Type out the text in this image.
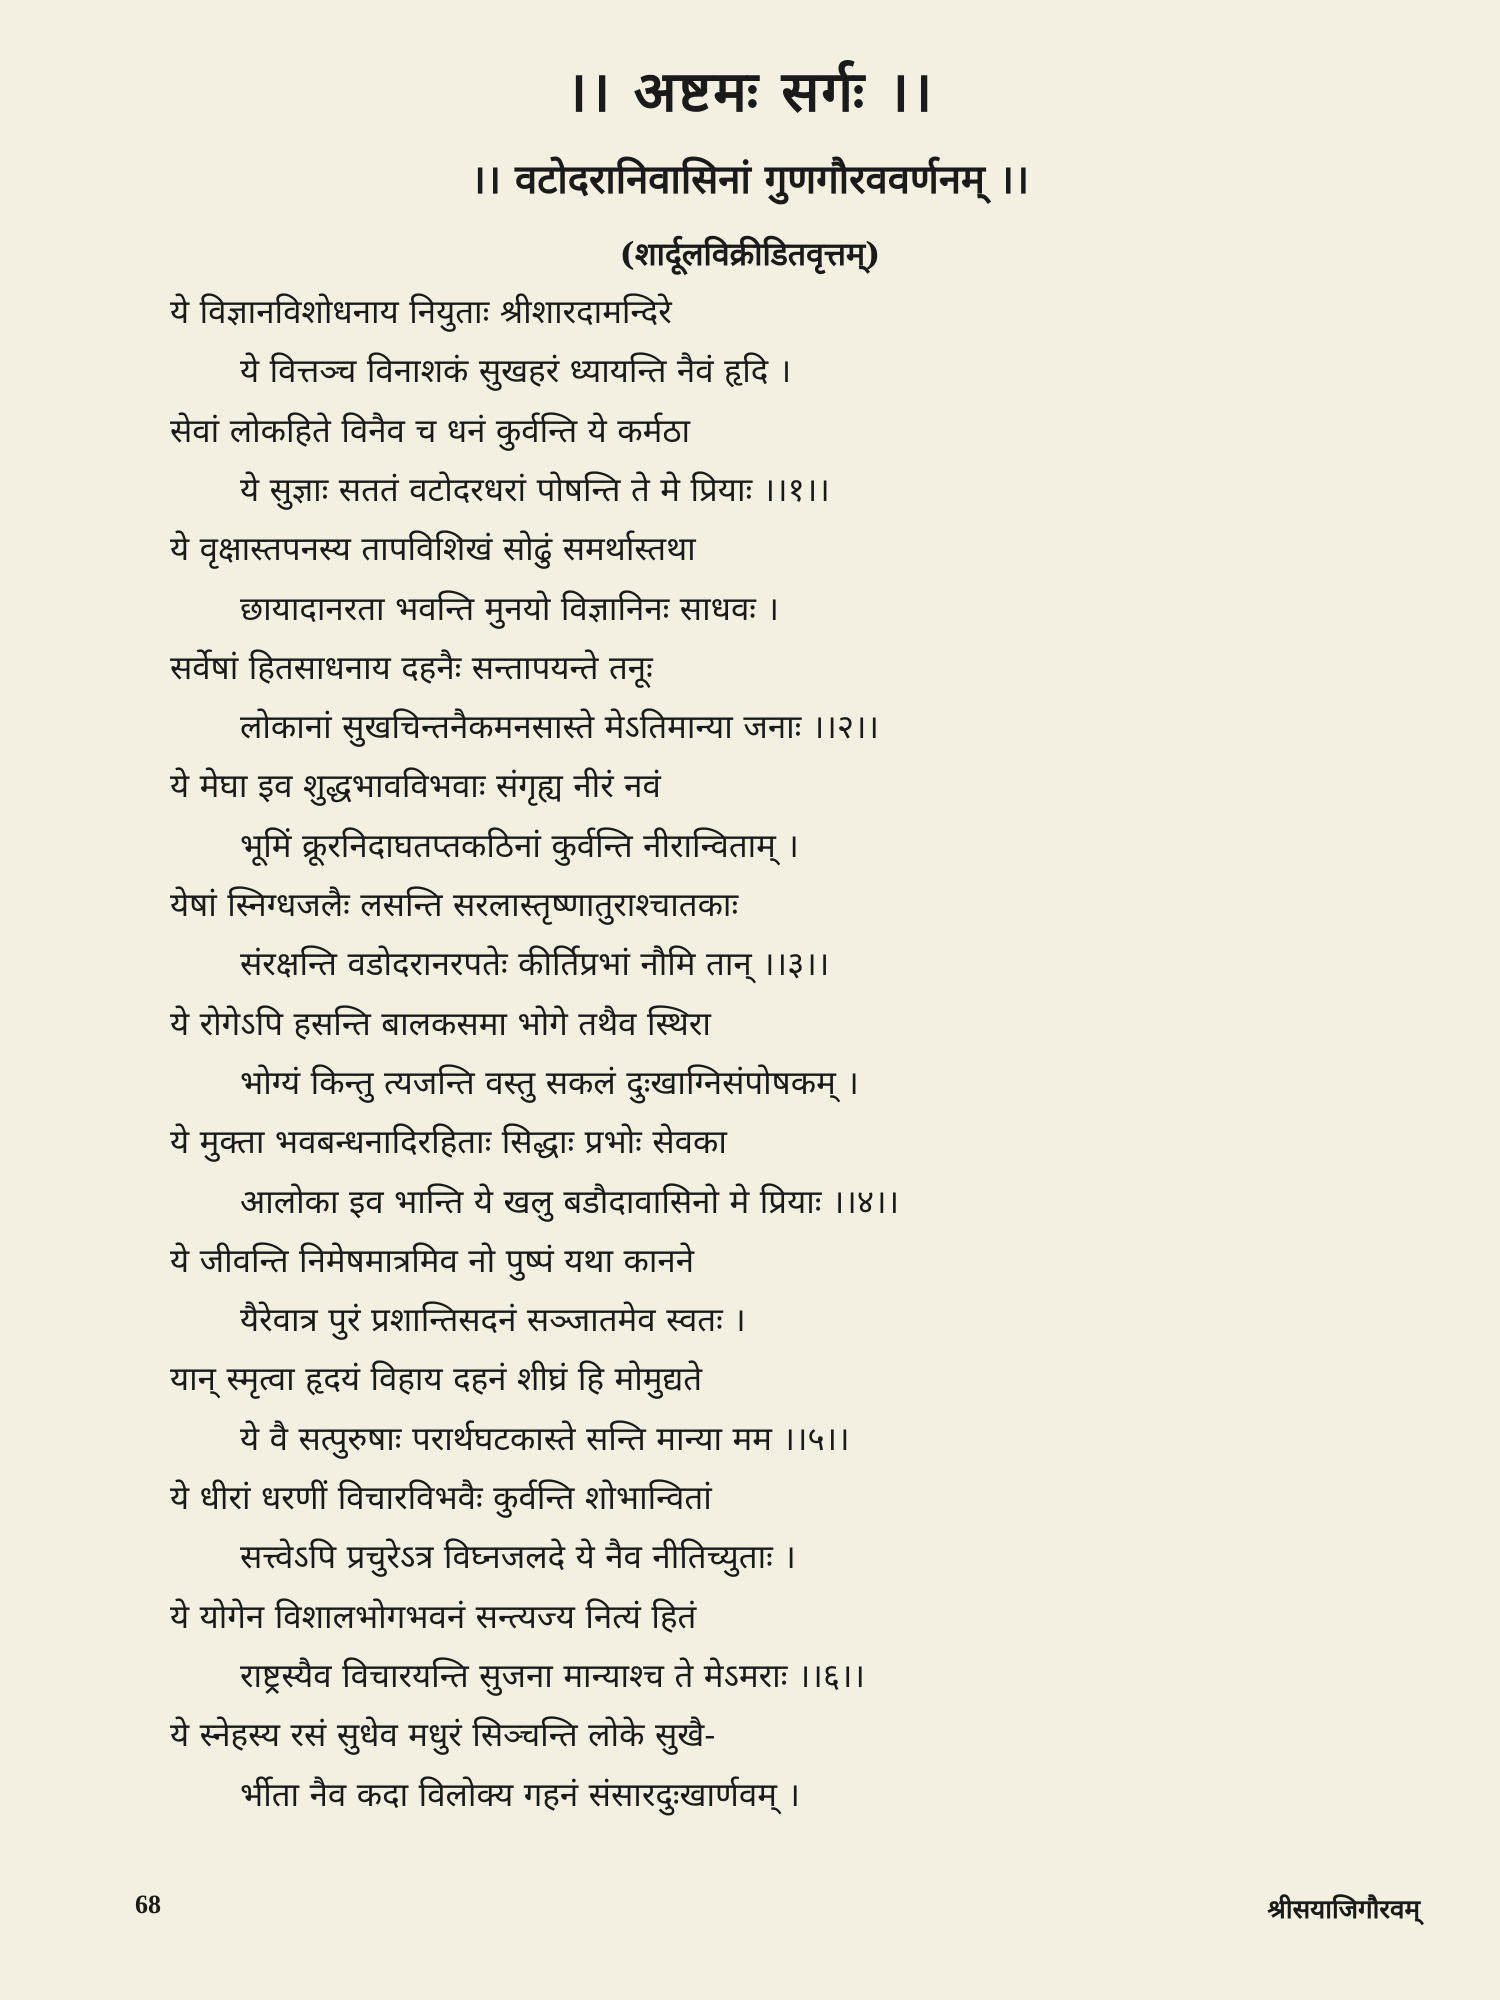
।। अष्टमः सर्गः ।।
।। वटोदरानिवासिनां गुणगौरववर्णनम् ।।
(शार्दूलविक्रीडितवृत्तम्)
ये विज्ञानविशोधनाय नियुताः श्रीशारदामन्दिरे
ये वित्तञ्च विनाशकं सुखहरं ध्यायन्ति नैवं हृदि ।
सेवां लोकहिते विनैव च धनं कुर्वन्ति ये कर्मठा
ये सुज्ञाः सततं वटोदरधरां पोषन्ति ते मे प्रियाः ।।१।।
ये वृक्षास्तपनस्य तापविशिखं सोढुं समर्थास्तथा
छायादानरता भवन्ति मुनयो विज्ञानिनः साधवः ।
सर्वेषां हितसाधनाय दहनैः सन्तापयन्ते तनूः
लोकानां सुखचिन्तनैकमनसास्ते मेऽतिमान्या जनाः ।।२।।
ये मेघा इव शुद्धभावविभवाः संगृह्य नीरं नवं
भूमिं क्रूरनिदाघतप्तकठिनां कुर्वन्ति नीरान्विताम् ।
येषां स्निग्धजलैः लसन्ति सरलास्तृष्णातुराश्चातकाः
संरक्षन्ति वडोदरानरपतेः कीर्तिप्रभां नौमि तान् ।।३।।
ये रोगेऽपि हसन्ति बालकसमा भोगे तथैव स्थिरा
भोग्यं किन्तु त्यजन्ति वस्तु सकलं दुःखाग्निसंपोषकम् ।
ये मुक्ता भवबन्धनादिरहिताः सिद्धाः प्रभोः सेवका
आलोका इव भान्ति ये खलु बडौदावासिनो मे प्रियाः ।।४।।
ये जीवन्ति निमेषमात्रमिव नो पुष्पं यथा कानने
यैरेवात्र पुरं प्रशान्तिसदनं सञ्जातमेव स्वतः ।
यान् स्मृत्वा हृदयं विहाय दहनं शीघ्रं हि मोमुद्यते
ये वै सत्पुरुषाः परार्थघटकास्ते सन्ति मान्या मम ।।५।।
ये धीरां धरणीं विचारविभवैः कुर्वन्ति शोभान्वितां
सत्त्वेऽपि प्रचुरेऽत्र विघ्नजलदे ये नैव नीतिच्युताः ।
ये योगेन विशालभोगभवनं सन्त्यज्य नित्यं हितं
राष्ट्रस्यैव विचारयन्ति सुजना मान्याश्च ते मेऽमराः ।।६।।
ये स्नेहस्य रसं सुधेव मधुरं सिञ्चन्ति लोके सुखै-
र्भीता नैव कदा विलोक्य गहनं संसारदुःखार्णवम् ।
68	श्रीसयाजिगौरवम्
